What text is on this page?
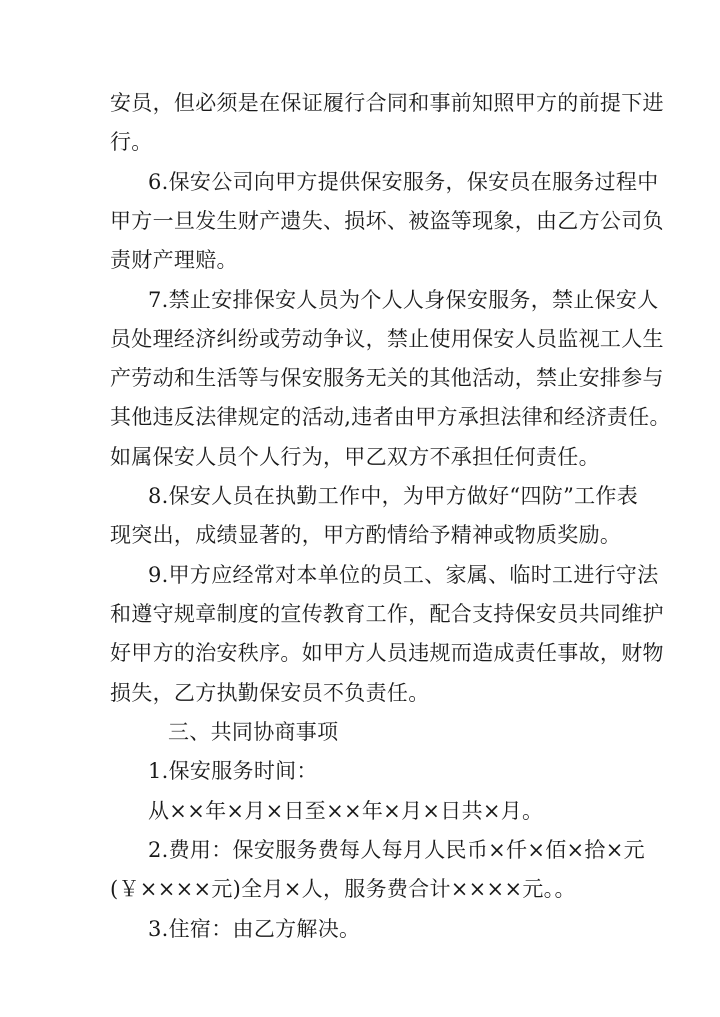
安员，但必须是在保证履行合同和事前知照甲方的前提下进
行。
6.保安公司向甲方提供保安服务，保安员在服务过程中
甲方一旦发生财产遗失、损坏、被盗等现象，由乙方公司负
责财产理赔。
7.禁止安排保安人员为个人人身保安服务，禁止保安人
员处理经济纠纷或劳动争议，禁止使用保安人员监视工人生
产劳动和生活等与保安服务无关的其他活动，禁止安排参与
其他违反法律规定的活动,违者由甲方承担法律和经济责任。
如属保安人员个人行为，甲乙双方不承担任何责任。
8.保安人员在执勤工作中，为甲方做好“四防”工作表
现突出，成绩显著的，甲方酌情给予精神或物质奖励。
9.甲方应经常对本单位的员工、家属、临时工进行守法
和遵守规章制度的宣传教育工作，配合支持保安员共同维护
好甲方的治安秩序。如甲方人员违规而造成责任事故，财物
损失，乙方执勤保安员不负责任。
三、共同协商事项
1.保安服务时间：
从××年×月×日至××年×月×日共×月。
2.费用：保安服务费每人每月人民币×仟×佰×拾×元
(￥××××元)全月×人，服务费合计××××元。。
3.住宿：由乙方解决。
